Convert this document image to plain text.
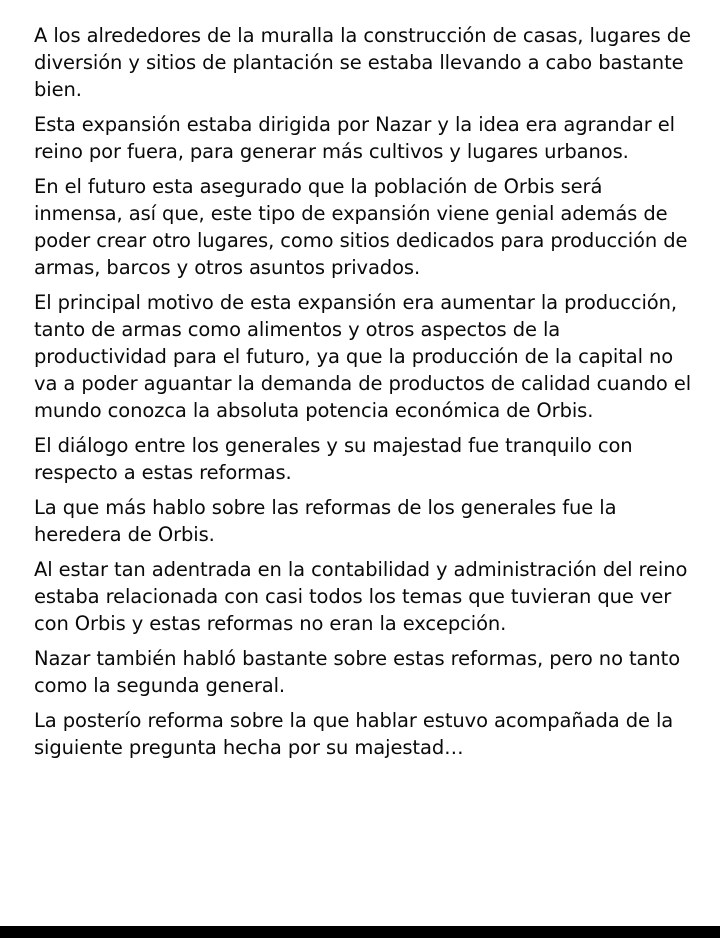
A los alrededores de la muralla la construcción de casas, lugares de diversión y sitios de plantación se estaba llevando a cabo bastante bien.

Esta expansión estaba dirigida por Nazar y la idea era agrandar el reino por fuera, para generar más cultivos y lugares urbanos.

En el futuro esta asegurado que la población de Orbis será inmensa, así que, este tipo de expansión viene genial además de poder crear otro lugares, como sitios dedicados para producción de armas, barcos y otros asuntos privados.

El principal motivo de esta expansión era aumentar la producción, tanto de armas como alimentos y otros aspectos de la productividad para el futuro, ya que la producción de la capital no va a poder aguantar la demanda de productos de calidad cuando el mundo conozca la absoluta potencia económica de Orbis.

El diálogo entre los generales y su majestad fue tranquilo con respecto a estas reformas.

La que más hablo sobre las reformas de los generales fue la heredera de Orbis.

Al estar tan adentrada en la contabilidad y administración del reino estaba relacionada con casi todos los temas que tuvieran que ver con Orbis y estas reformas no eran la excepción.

Nazar también habló bastante sobre estas reformas, pero no tanto como la segunda general.

La posterío reforma sobre la que hablar estuvo acompañada de la siguiente pregunta hecha por su majestad…
